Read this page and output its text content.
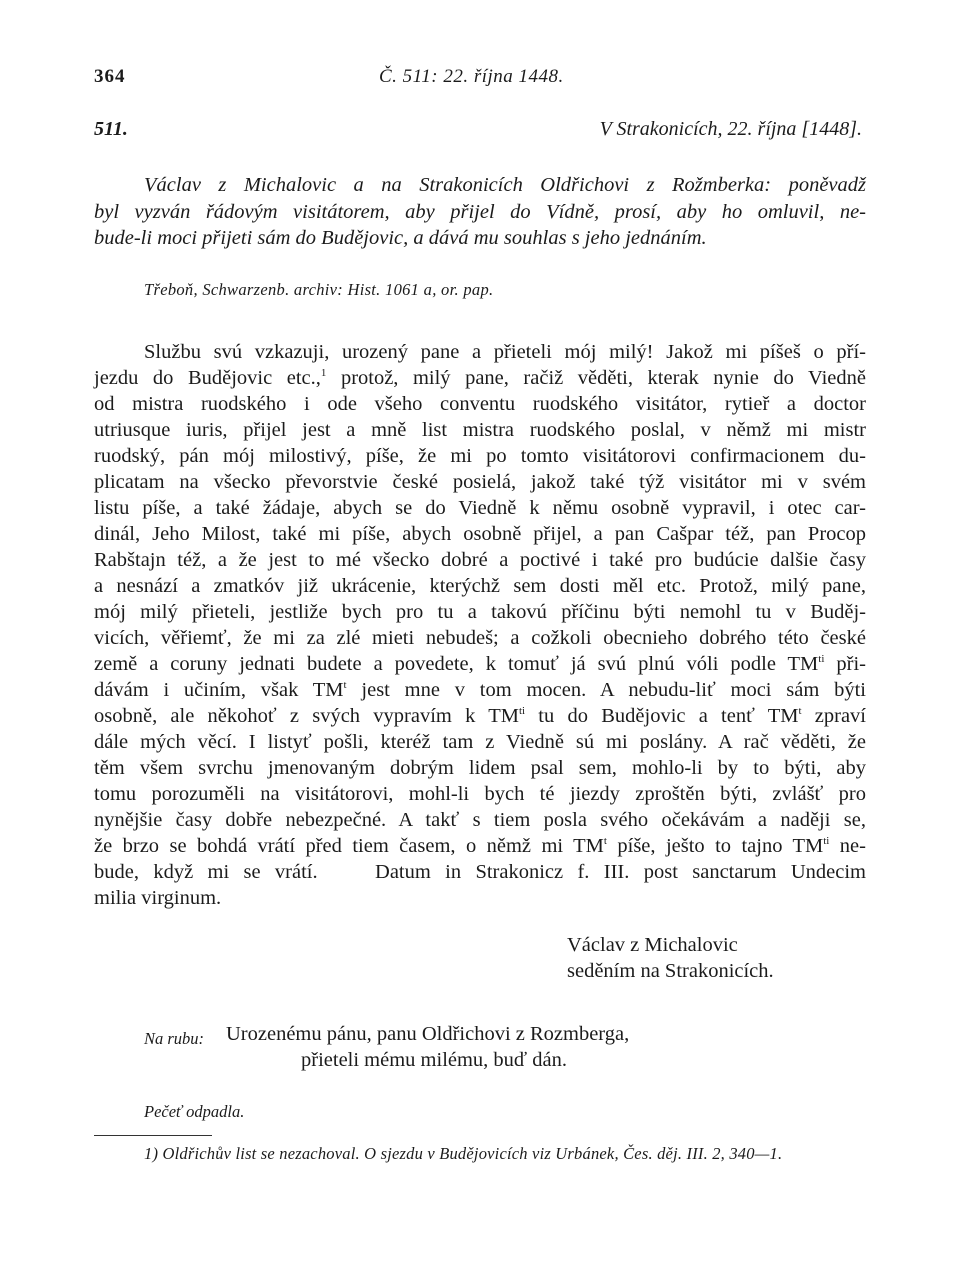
364	Č. 511: 22. října 1448.
511.	V Strakonicích, 22. října [1448].
Václav z Michalovic a na Strakonicích Oldřichovi z Rožmberka: poněvadž
byl vyzván řádovým visitátorem, aby přijel do Vídně, prosí, aby ho omluvil, ne-
bude-li moci přijeti sám do Budějovic, a dává mu souhlas s jeho jednáním.
Třeboň, Schwarzenb. archiv: Hist. 1061 a, or. pap.
Službu svú vzkazuji, urozený pane a přieteli mój milý! Jakož mi píšeš o pří-
jezdu do Budějovic etc.,$^1$ protož, milý pane, račiž věděti, kterak nynie do Viedně
od mistra ruodského i ode všeho conventu ruodského visitátor, rytieř a doctor
utriusque iuris, přijel jest a mně list mistra ruodského poslal, v němž mi mistr
ruodský, pán mój milostivý, píše, že mi po tomto visitátorovi confirmacionem du-
plicatam na všecko převorstvie české posielá, jakož také týž visitátor mi v svém
listu píše, a také žádaje, abych se do Viedně k němu osobně vypravil, i otec car-
dinál, Jeho Milost, také mi píše, abych osobně přijel, a pan Cašpar též, pan Procop
Rabštajn též, a že jest to mé všecko dobré a poctivé i také pro budúcie dalšie časy
a nesnází a zmatkóv již ukrácenie, kterýchž sem dosti měl etc. Protož, milý pane,
mój milý přieteli, jestliže bych pro tu a takovú příčinu býti nemohl tu v Buděj-
vicích, věřiemť, že mi za zlé mieti nebudeš; a cožkoli obecnieho dobrého této české
země a coruny jednati budete a povedete, k tomuť já svú plnú vóli podle $TM^{ti}$ při-
dávám i učiním, však $TM^t$ jest mne v tom mocen. A nebudu-liť moci sám býti
osobně, ale někohoť z svých vypravím k $TM^{ti}$ tu do Budějovic a tenť $TM^t$ zpraví
dále mých věcí. I listyť pošli, kteréž tam z Viedně sú mi poslány. A rač věděti, že
těm všem svrchu jmenovaným dobrým lidem psal sem, mohlo-li by to býti, aby
tomu porozuměli na visitátorovi, mohl-li bych té jiezdy zproštěn býti, zvlášť pro
nynějšie časy dobře nebezpečné. A takť s tiem posla svého očekávám a naději se,
že brzo se bohdá vrátí před tiem časem, o němž mi $TM^t$ píše, ješto to tajno $TM^{ti}$ ne-
bude, když mi se vrátí.    Datum in Strakonicz f. III. post sanctarum Undecim
milia virginum.
Václav z Michalovic
seděním na Strakonicích.
Na rubu: Urozenému pánu, panu Oldřichovi z Rozmberga,
přieteli mému milému, buď dán.
Pečeť odpadla.
1) Oldřichův list se nezachoval. O sjezdu v Budějovicích viz Urbánek, Čes. děj. III. 2, 340—1.
